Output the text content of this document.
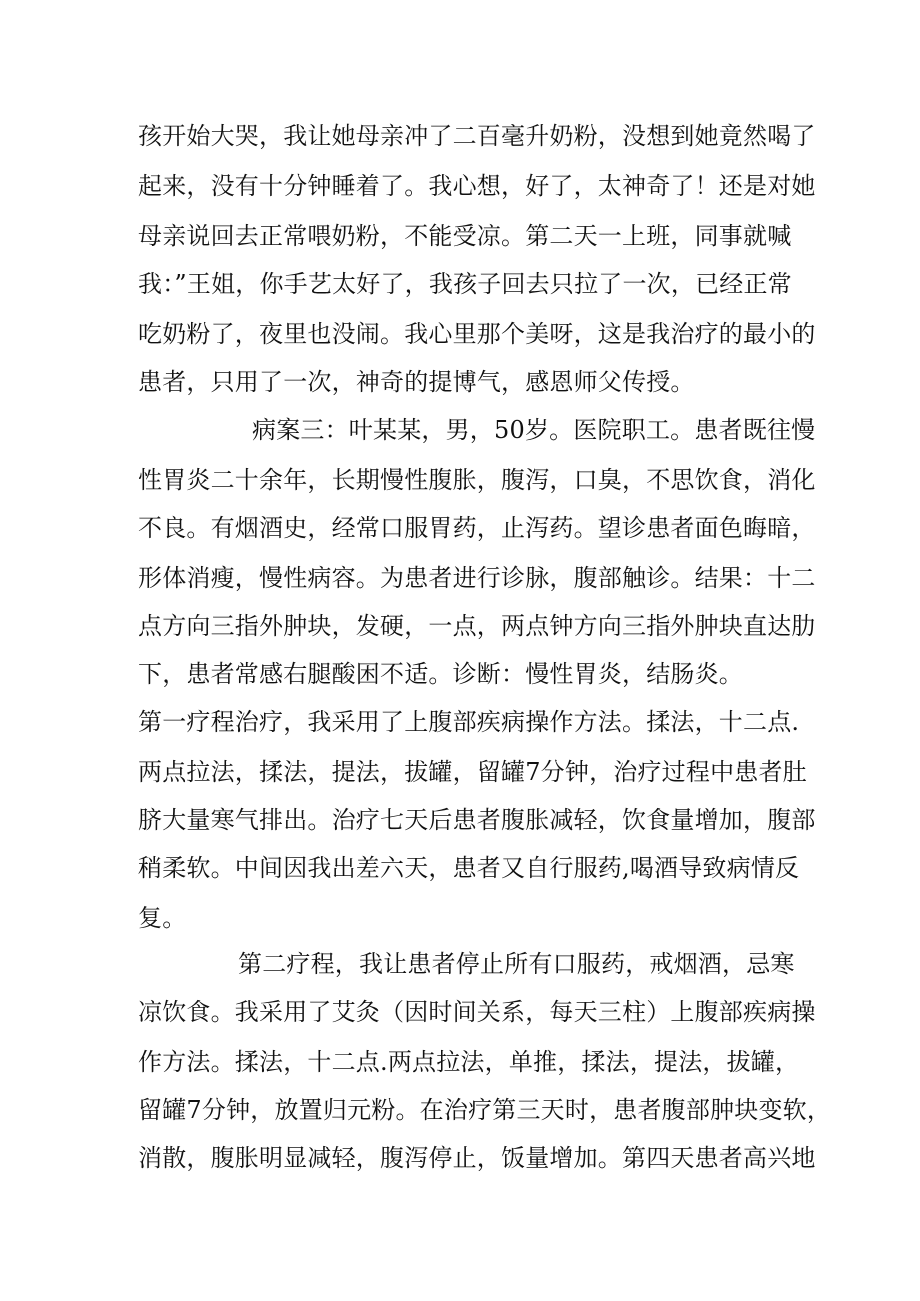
孩开始大哭，我让她母亲冲了二百毫升奶粉，没想到她竟然喝了
起来，没有十分钟睡着了。我心想，好了，太神奇了！还是对她
母亲说回去正常喂奶粉，不能受凉。第二天一上班，同事就喊
我：”王姐，你手艺太好了，我孩子回去只拉了一次，已经正常
吃奶粉了，夜里也没闹。我心里那个美呀，这是我治疗的最小的
患者，只用了一次，神奇的提博气，感恩师父传授。
病案三：叶某某，男，50岁。医院职工。患者既往慢
性胃炎二十余年，长期慢性腹胀，腹泻，口臭，不思饮食，消化
不良。有烟酒史，经常口服胃药，止泻药。望诊患者面色晦暗，
形体消瘦，慢性病容。为患者进行诊脉，腹部触诊。结果：十二
点方向三指外肿块，发硬，一点，两点钟方向三指外肿块直达肋
下，患者常感右腿酸困不适。诊断：慢性胃炎，结肠炎。
第一疗程治疗，我采用了上腹部疾病操作方法。揉法，十二点.
两点拉法，揉法，提法，拔罐，留罐7分钟，治疗过程中患者肚
脐大量寒气排出。治疗七天后患者腹胀减轻，饮食量增加，腹部
稍柔软。中间因我出差六天，患者又自行服药,喝酒导致病情反
复。
第二疗程，我让患者停止所有口服药，戒烟酒，忌寒
凉饮食。我采用了艾灸（因时间关系，每天三柱）上腹部疾病操
作方法。揉法，十二点.两点拉法，单推，揉法，提法，拔罐，
留罐7分钟，放置归元粉。在治疗第三天时，患者腹部肿块变软，
消散，腹胀明显减轻，腹泻停止，饭量增加。第四天患者高兴地
